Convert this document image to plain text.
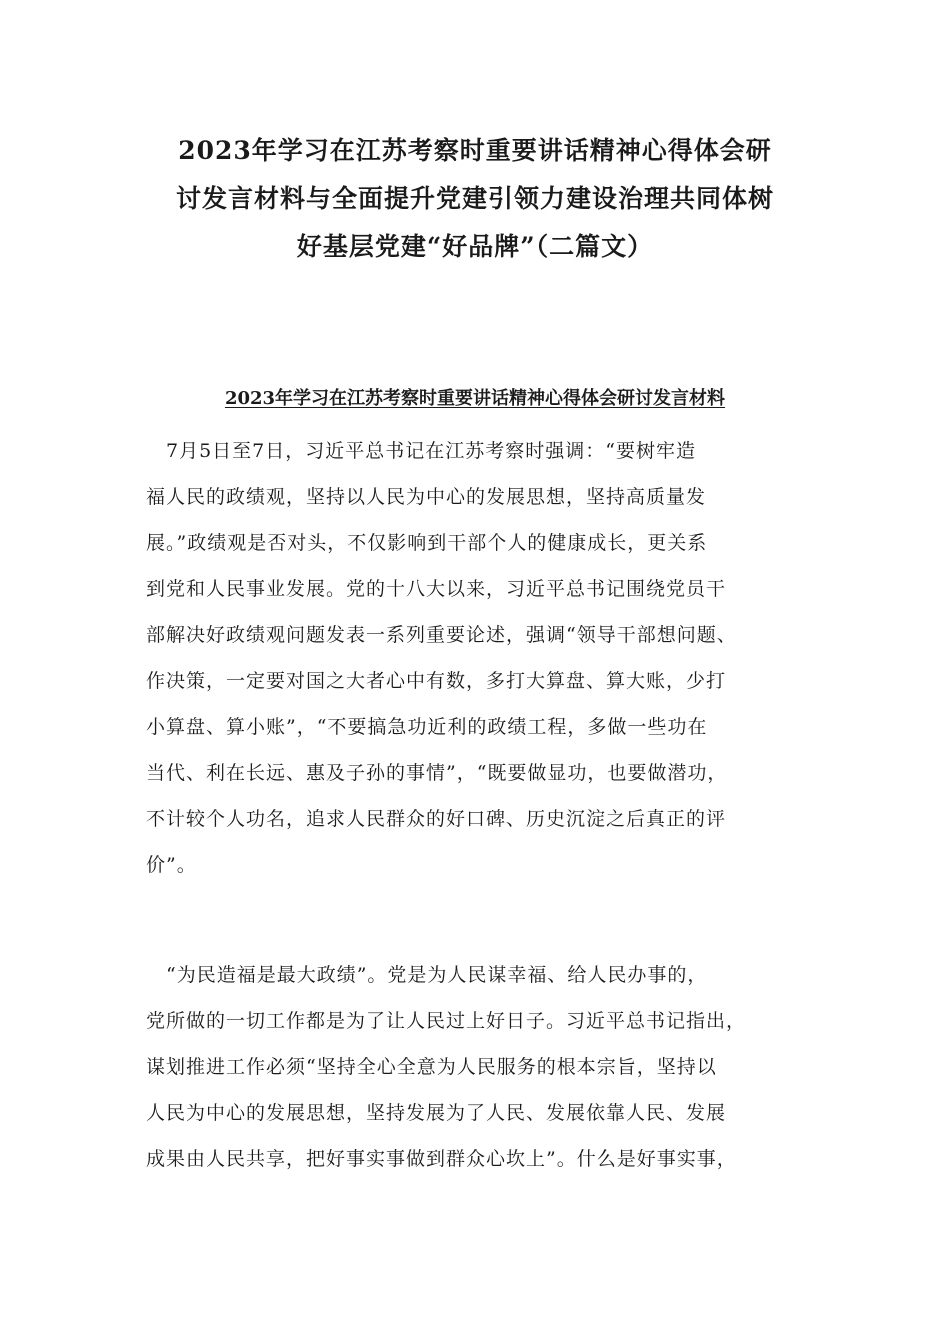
2023年学习在江苏考察时重要讲话精神心得体会研
讨发言材料与全面提升党建引领力建设治理共同体树
好基层党建“好品牌”（二篇文）
2023年学习在江苏考察时重要讲话精神心得体会研讨发言材料
　7月5日至7日，习近平总书记在江苏考察时强调：“要树牢造
福人民的政绩观，坚持以人民为中心的发展思想，坚持高质量发
展。”政绩观是否对头，不仅影响到干部个人的健康成长，更关系
到党和人民事业发展。党的十八大以来，习近平总书记围绕党员干
部解决好政绩观问题发表一系列重要论述，强调“领导干部想问题、
作决策，一定要对国之大者心中有数，多打大算盘、算大账，少打
小算盘、算小账”，“不要搞急功近利的政绩工程，多做一些功在
当代、利在长远、惠及子孙的事情”，“既要做显功，也要做潜功，
不计较个人功名，追求人民群众的好口碑、历史沉淀之后真正的评
价”。
　“为民造福是最大政绩”。党是为人民谋幸福、给人民办事的，
党所做的一切工作都是为了让人民过上好日子。习近平总书记指出，
谋划推进工作必须“坚持全心全意为人民服务的根本宗旨，坚持以
人民为中心的发展思想，坚持发展为了人民、发展依靠人民、发展
成果由人民共享，把好事实事做到群众心坎上”。什么是好事实事，
